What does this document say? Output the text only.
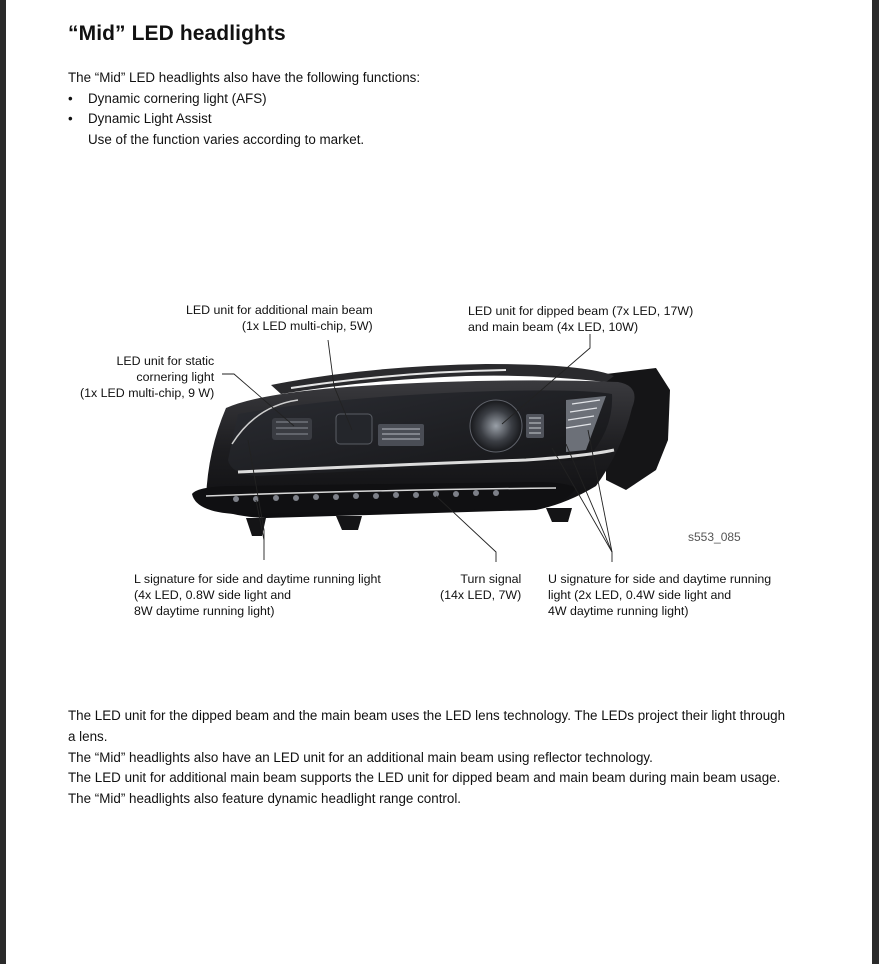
“Mid” LED headlights

The “Mid” LED headlights also have the following functions:

•	Dynamic cornering light (AFS)
•	Dynamic Light Assist

Use of the function varies according to market.

LED unit for additional main beam
(1x LED multi-chip, 5W)
LED unit for dipped beam (7x LED, 17W)
and main beam (4x LED, 10W)
LED unit for static
cornering light
(1x LED multi-chip, 9 W)
s553_085
L signature for side and daytime running light
(4x LED, 0.8W side light and
8W daytime running light)
Turn signal
(14x LED, 7W)
U signature for side and daytime running
light (2x LED, 0.4W side light and
4W daytime running light)

The LED unit for the dipped beam and the main beam uses the LED lens technology. The LEDs project their light through a lens.

The “Mid” headlights also have an LED unit for an additional main beam using reflector technology.

The LED unit for additional main beam supports the LED unit for dipped beam and main beam during main beam usage.

The “Mid” headlights also feature dynamic headlight range control.
